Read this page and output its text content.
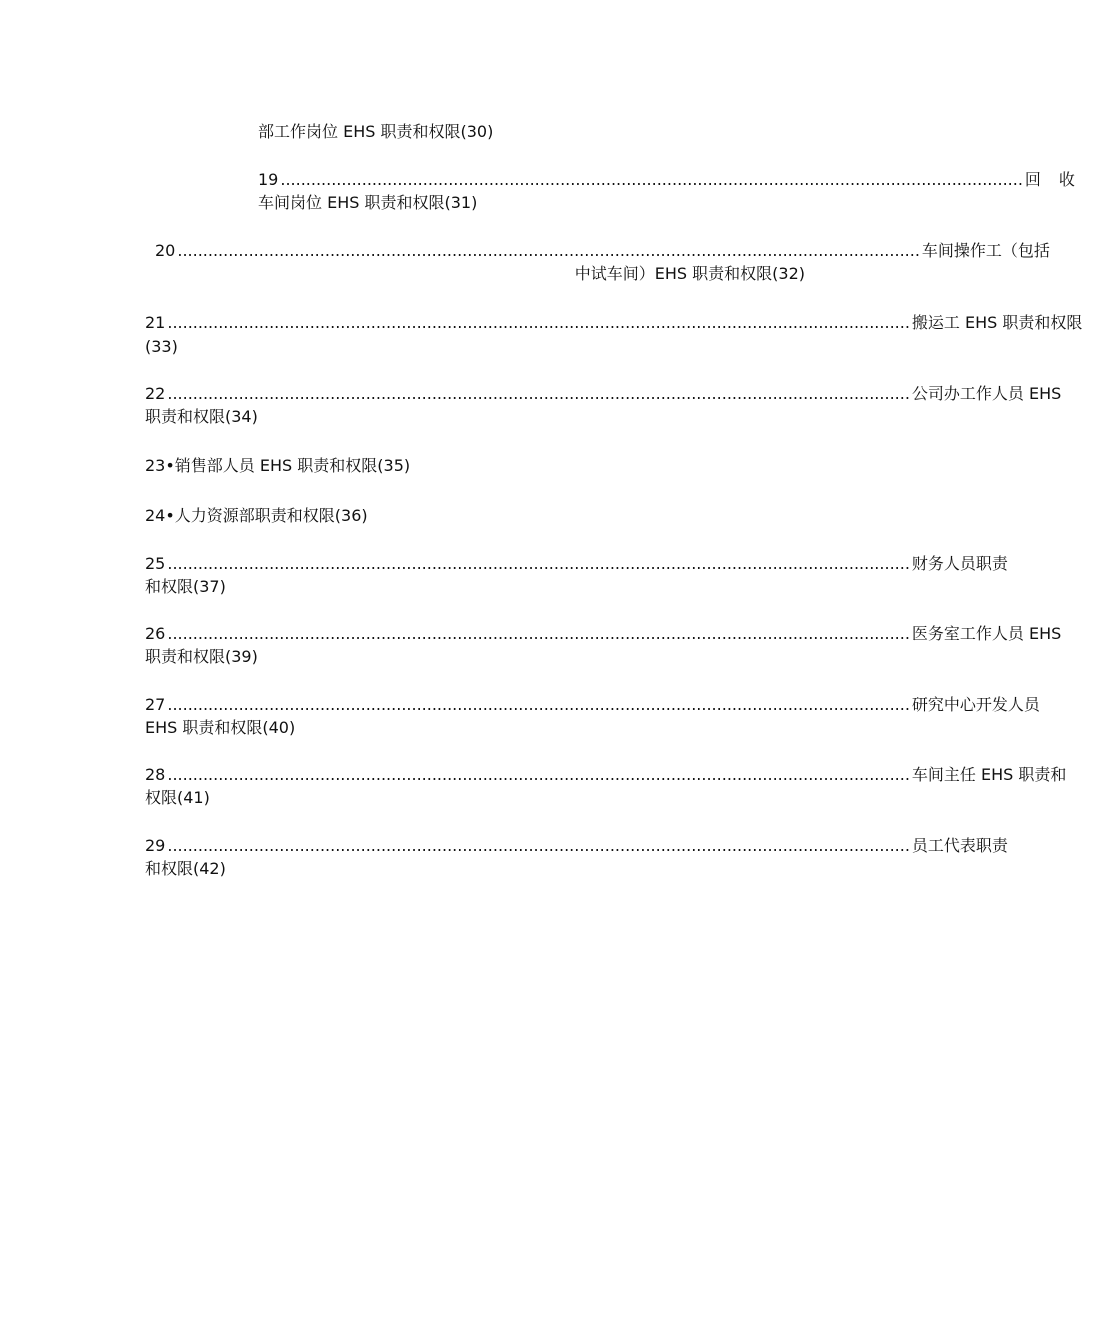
部工作岗位 EHS 职责和权限(30)
19 .................................................................................................................................................. 回收
车间岗位 EHS 职责和权限(31)
20 .................................................................................................................................................. 车间操作工（包括
中试车间）EHS 职责和权限(32)
21 .................................................................................................................................................. 搬运工 EHS 职责和权限
(33)
22 .................................................................................................................................................. 公司办工作人员 EHS
职责和权限(34)
23•销售部人员 EHS 职责和权限(35)
24•人力资源部职责和权限(36)
25 .................................................................................................................................................. 财务人员职责
和权限(37)
26 .................................................................................................................................................. 医务室工作人员 EHS
职责和权限(39)
27 .................................................................................................................................................. 研究中心开发人员
EHS 职责和权限(40)
28 .................................................................................................................................................. 车间主任 EHS 职责和
权限(41)
29 .................................................................................................................................................. 员工代表职责
和权限(42)
